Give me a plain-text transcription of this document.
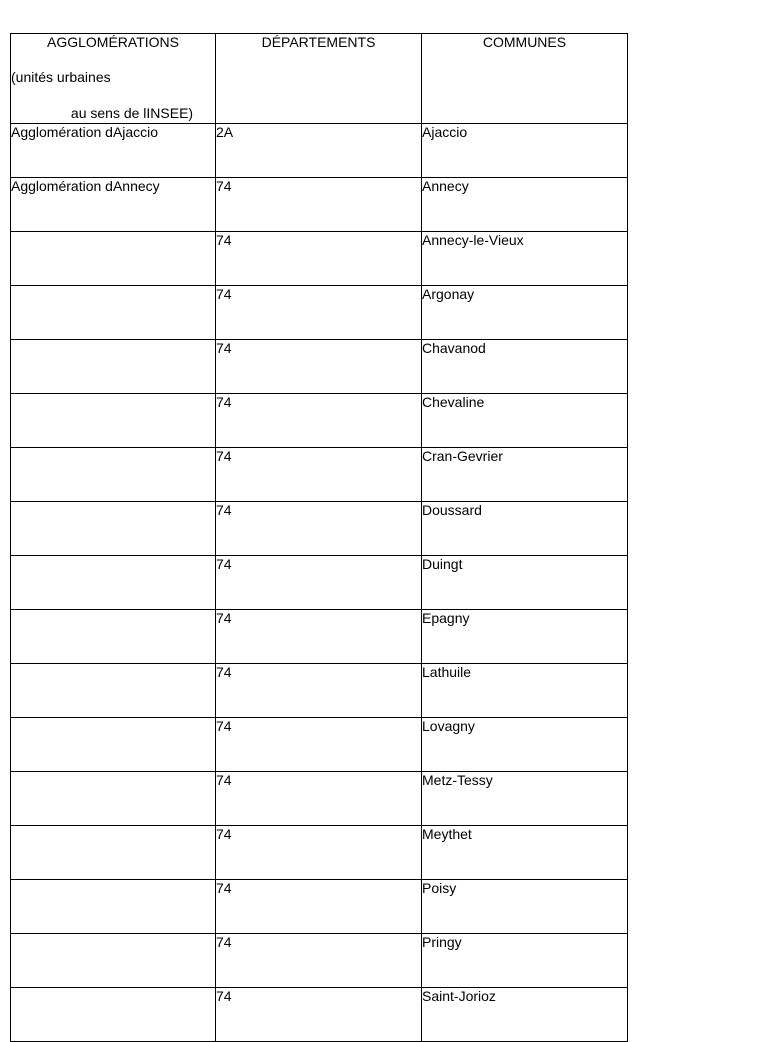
AGGLOMÉRATIONS
(unités urbaines
au sens de lINSEE)	DÉPARTEMENTS	COMMUNES

Agglomération dAjaccio	2A	Ajaccio

Agglomération dAnnecy	74	Annecy

	74	Annecy-le-Vieux

	74	Argonay

	74	Chavanod

	74	Chevaline

	74	Cran-Gevrier

	74	Doussard

	74	Duingt

	74	Epagny

	74	Lathuile

	74	Lovagny

	74	Metz-Tessy

	74	Meythet

	74	Poisy

	74	Pringy

	74	Saint-Jorioz
